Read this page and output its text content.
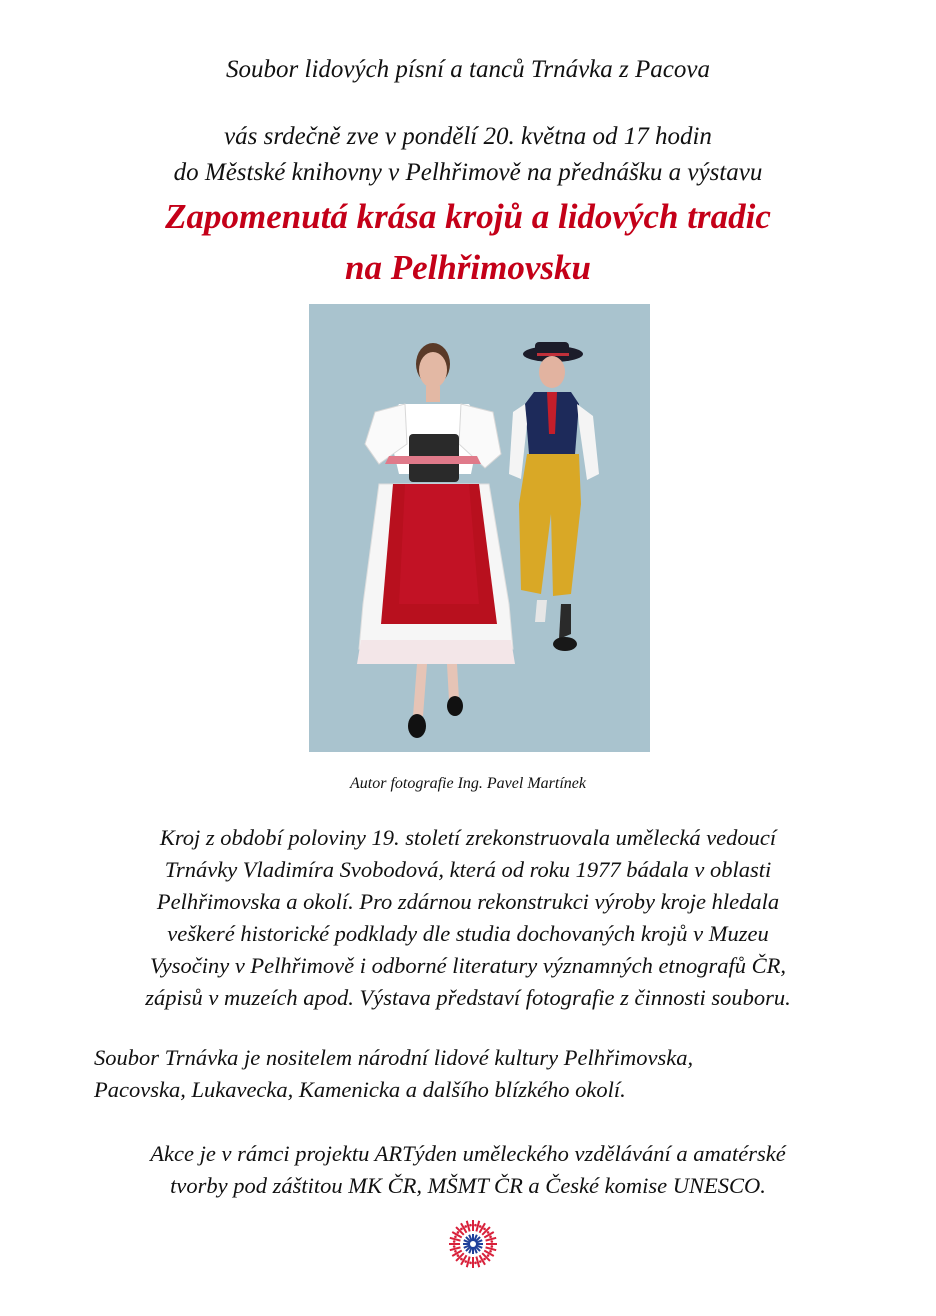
Soubor lidových písní a tanců Trnávka z Pacova

vás srdečně zve v pondělí 20. května od 17 hodin

do Městské knihovny v Pelhřimově na přednášku a výstavu

Zapomenutá krása krojů a lidových tradic

na Pelhřimovsku

Autor fotografie Ing. Pavel Martínek

Kroj z období poloviny 19. století zrekonstruovala umělecká vedoucí
Trnávky Vladimíra Svobodová, která od roku 1977 bádala v oblasti
Pelhřimovska a okolí. Pro zdárnou rekonstrukci výroby kroje hledala
veškeré historické podklady dle studia dochovaných krojů v Muzeu
Vysočiny v Pelhřimově i odborné literatury významných etnografů ČR,
zápisů v muzeích apod. Výstava představí fotografie z činnosti souboru.
Soubor Trnávka je nositelem národní lidové kultury Pelhřimovska,
Pacovska, Lukavecka, Kamenicka a dalšího blízkého okolí.
Akce je v rámci projektu ARTýden uměleckého vzdělávání a amatérské
tvorby pod záštitou MK ČR, MŠMT ČR a České komise UNESCO.
